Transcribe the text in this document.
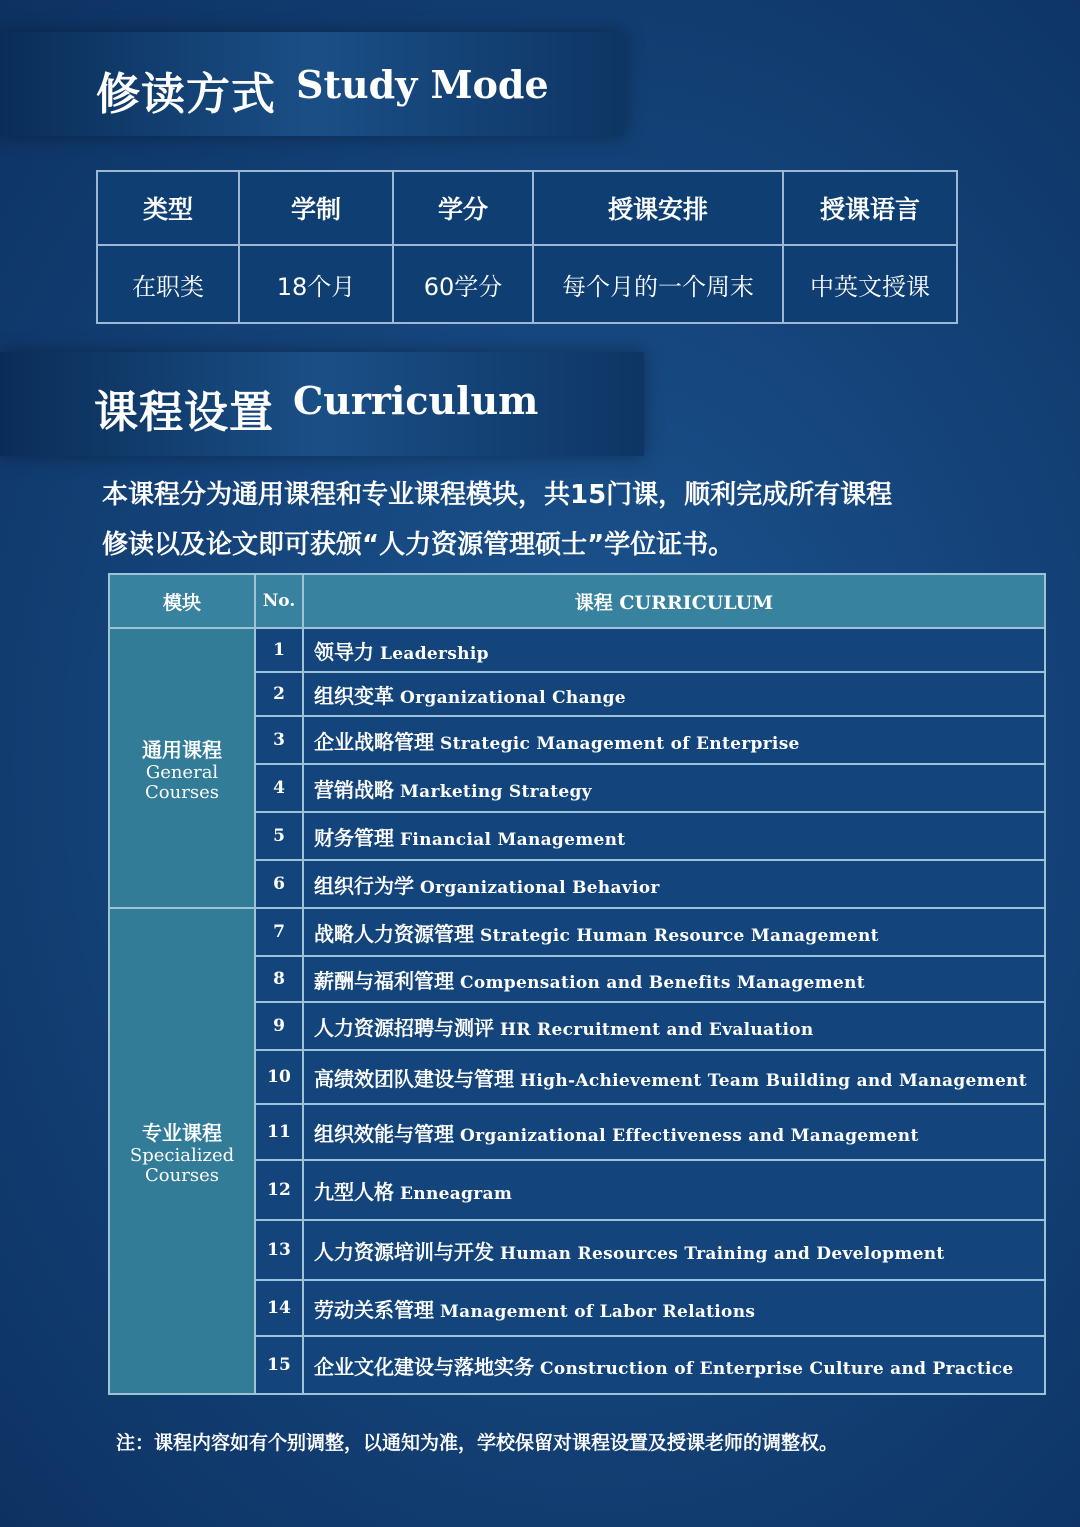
修读方式 Study Mode
类型	学制	学分	授课安排	授课语言
在职类	18个月	60学分	每个月的一个周末	中英文授课
课程设置 Curriculum
本课程分为通用课程和专业课程模块，共15门课，顺利完成所有课程
修读以及论文即可获颁“人力资源管理硕士”学位证书。
模块	No.	课程 CURRICULUM

通用课程
General Courses	1	领导力 Leadership
	2	组织变革 Organizational Change
	3	企业战略管理 Strategic Management of Enterprise
	4	营销战略 Marketing Strategy
	5	财务管理 Financial Management
	6	组织行为学 Organizational Behavior

专业课程
Specialized Courses	7	战略人力资源管理 Strategic Human Resource Management
	8	薪酬与福利管理 Compensation and Benefits Management
	9	人力资源招聘与测评 HR Recruitment and Evaluation
	10	高绩效团队建设与管理 High-Achievement Team Building and Management
	11	组织效能与管理 Organizational Effectiveness and Management
	12	九型人格 Enneagram
	13	人力资源培训与开发 Human Resources Training and Development
	14	劳动关系管理 Management of Labor Relations
	15	企业文化建设与落地实务 Construction of Enterprise Culture and Practice
注：课程内容如有个别调整，以通知为准，学校保留对课程设置及授课老师的调整权。
